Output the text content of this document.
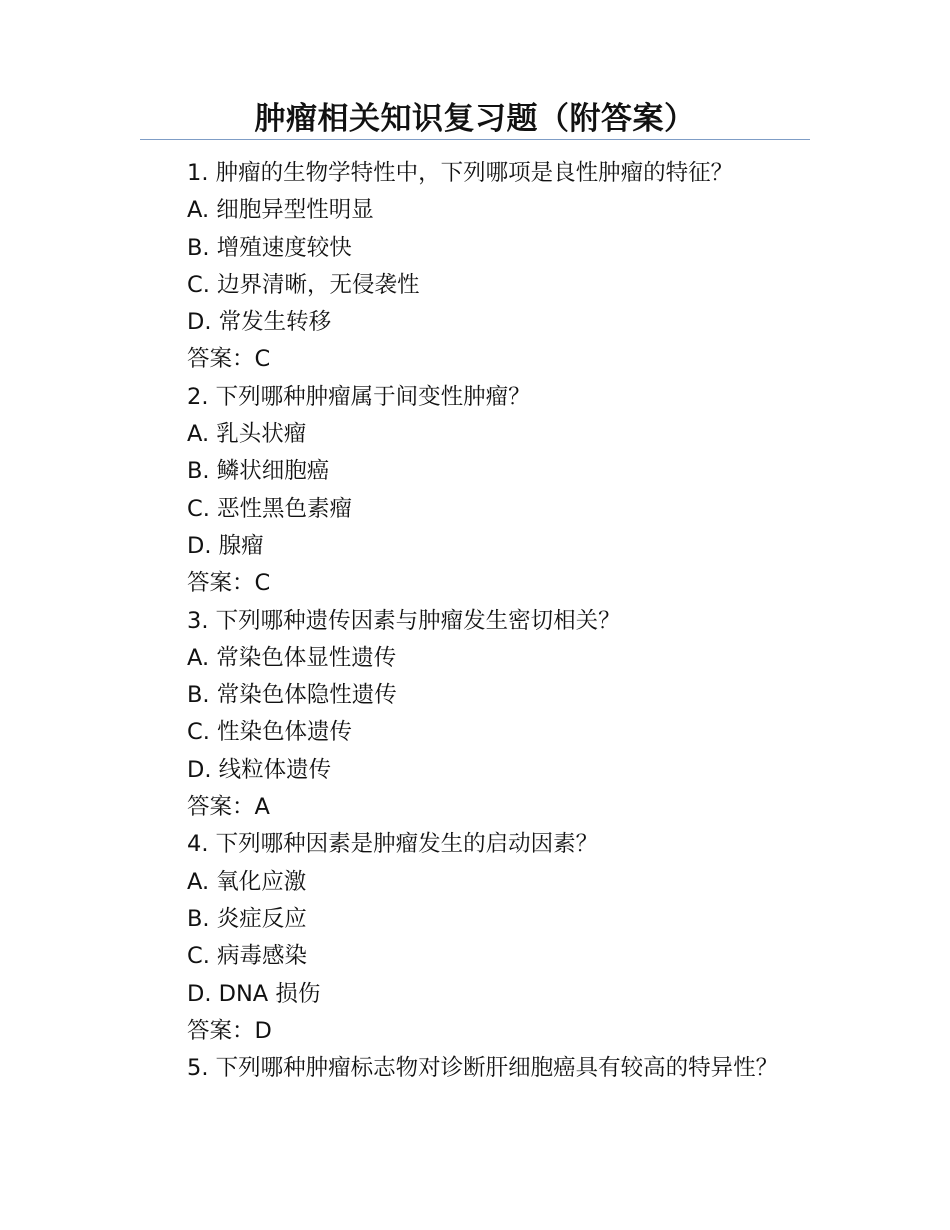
肿瘤相关知识复习题（附答案）
1. 肿瘤的生物学特性中，下列哪项是良性肿瘤的特征？
A. 细胞异型性明显
B. 增殖速度较快
C. 边界清晰，无侵袭性
D. 常发生转移
答案：C
2. 下列哪种肿瘤属于间变性肿瘤？
A. 乳头状瘤
B. 鳞状细胞癌
C. 恶性黑色素瘤
D. 腺瘤
答案：C
3. 下列哪种遗传因素与肿瘤发生密切相关？
A. 常染色体显性遗传
B. 常染色体隐性遗传
C. 性染色体遗传
D. 线粒体遗传
答案：A
4. 下列哪种因素是肿瘤发生的启动因素？
A. 氧化应激
B. 炎症反应
C. 病毒感染
D. DNA 损伤
答案：D
5. 下列哪种肿瘤标志物对诊断肝细胞癌具有较高的特异性？
